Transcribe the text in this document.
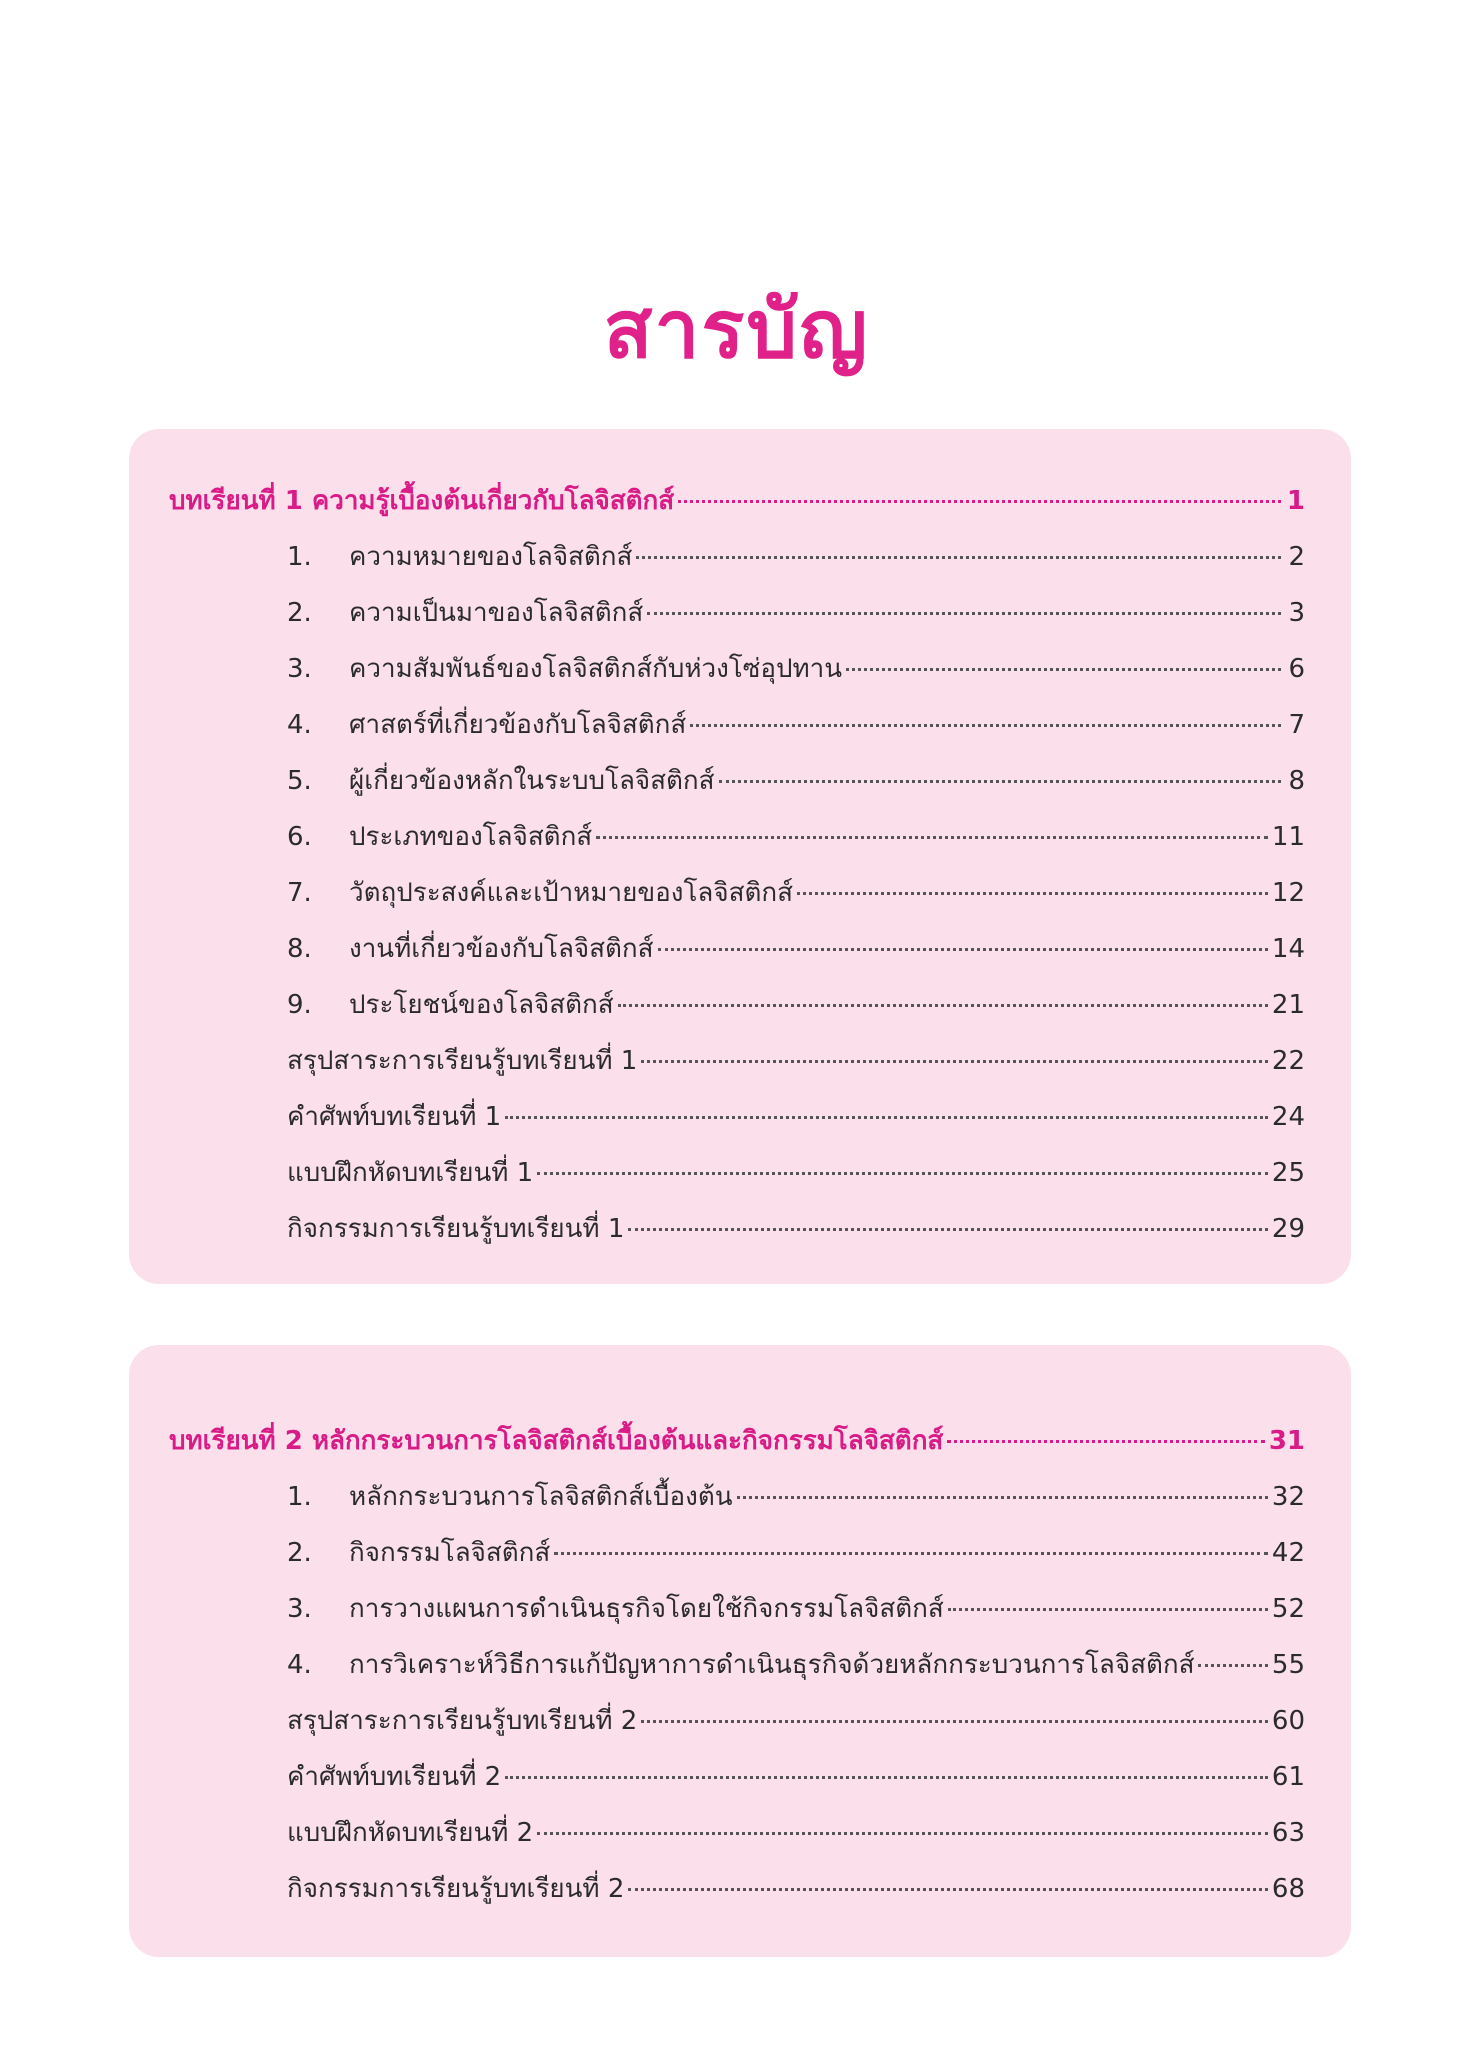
สารบัญ
บทเรียนที่ 1 ความรู้เบื้องต้นเกี่ยวกับโลจิสติกส์	1
1. ความหมายของโลจิสติกส์	2
2. ความเป็นมาของโลจิสติกส์	3
3. ความสัมพันธ์ของโลจิสติกส์กับห่วงโซ่อุปทาน	6
4. ศาสตร์ที่เกี่ยวข้องกับโลจิสติกส์	7
5. ผู้เกี่ยวข้องหลักในระบบโลจิสติกส์	8
6. ประเภทของโลจิสติกส์	11
7. วัตถุประสงค์และเป้าหมายของโลจิสติกส์	12
8. งานที่เกี่ยวข้องกับโลจิสติกส์	14
9. ประโยชน์ของโลจิสติกส์	21
สรุปสาระการเรียนรู้บทเรียนที่ 1	22
คำศัพท์บทเรียนที่ 1	24
แบบฝึกหัดบทเรียนที่ 1	25
กิจกรรมการเรียนรู้บทเรียนที่ 1	29
บทเรียนที่ 2 หลักกระบวนการโลจิสติกส์เบื้องต้นและกิจกรรมโลจิสติกส์	31
1. หลักกระบวนการโลจิสติกส์เบื้องต้น	32
2. กิจกรรมโลจิสติกส์	42
3. การวางแผนการดำเนินธุรกิจโดยใช้กิจกรรมโลจิสติกส์	52
4. การวิเคราะห์วิธีการแก้ปัญหาการดำเนินธุรกิจด้วยหลักกระบวนการโลจิสติกส์	55
สรุปสาระการเรียนรู้บทเรียนที่ 2	60
คำศัพท์บทเรียนที่ 2	61
แบบฝึกหัดบทเรียนที่ 2	63
กิจกรรมการเรียนรู้บทเรียนที่ 2	68
